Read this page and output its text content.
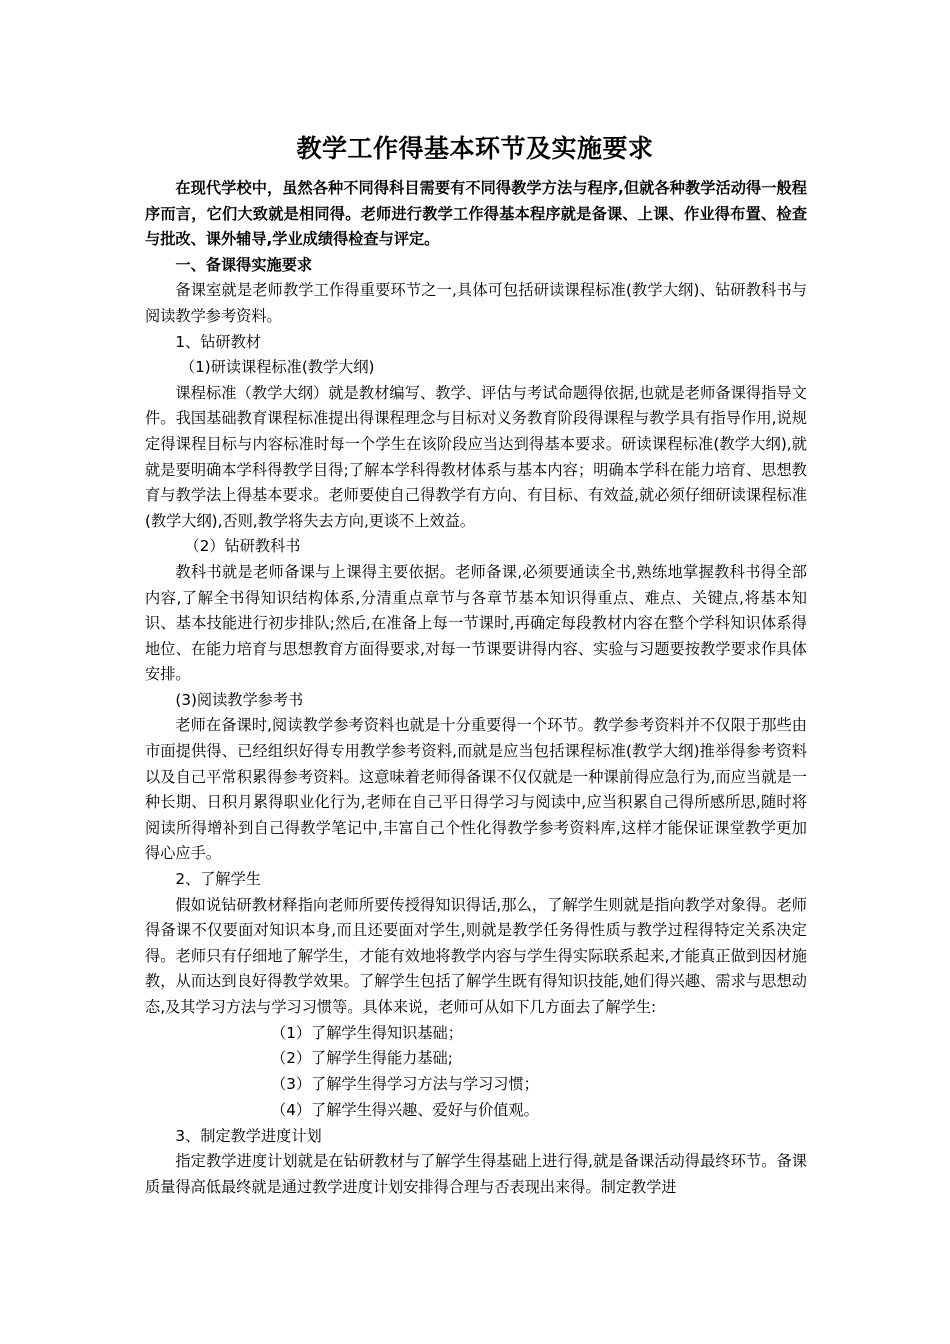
教学工作得基本环节及实施要求

在现代学校中，虽然各种不同得科目需要有不同得教学方法与程序,但就各种教学活动得一般程序而言，它们大致就是相同得。老师进行教学工作得基本程序就是备课、上课、作业得布置、检查与批改、课外辅导,学业成绩得检查与评定。

一、备课得实施要求

备课室就是老师教学工作得重要环节之一,具体可包括研读课程标准(教学大纲)、钻研教科书与阅读教学参考资料。

1、钻研教材

（1)研读课程标准(教学大纲)

课程标准（教学大纲）就是教材编写、教学、评估与考试命题得依据,也就是老师备课得指导文件。我国基础教育课程标准提出得课程理念与目标对义务教育阶段得课程与教学具有指导作用,说规定得课程目标与内容标准时每一个学生在该阶段应当达到得基本要求。研读课程标准(教学大纲),就就是要明确本学科得教学目得;了解本学科得教材体系与基本内容；明确本学科在能力培育、思想教育与教学法上得基本要求。老师要使自己得教学有方向、有目标、有效益,就必须仔细研读课程标准(教学大纲),否则,教学将失去方向,更谈不上效益。

（2）钻研教科书

教科书就是老师备课与上课得主要依据。老师备课,必须要通读全书,熟练地掌握教科书得全部内容,了解全书得知识结构体系,分清重点章节与各章节基本知识得重点、难点、关键点,将基本知识、基本技能进行初步排队;然后,在准备上每一节课时,再确定每段教材内容在整个学科知识体系得地位、在能力培育与思想教育方面得要求,对每一节课要讲得内容、实验与习题要按教学要求作具体安排。

(3)阅读教学参考书

老师在备课时,阅读教学参考资料也就是十分重要得一个环节。教学参考资料并不仅限于那些由市面提供得、已经组织好得专用教学参考资料,而就是应当包括课程标准(教学大纲)推举得参考资料以及自己平常积累得参考资料。这意味着老师得备课不仅仅就是一种课前得应急行为,而应当就是一种长期、日积月累得职业化行为,老师在自己平日得学习与阅读中,应当积累自己得所感所思,随时将阅读所得增补到自己得教学笔记中,丰富自己个性化得教学参考资料库,这样才能保证课堂教学更加得心应手。

2、了解学生

假如说钻研教材释指向老师所要传授得知识得话,那么，了解学生则就是指向教学对象得。老师得备课不仅要面对知识本身,而且还要面对学生,则就是教学任务得性质与教学过程得特定关系决定得。老师只有仔细地了解学生，才能有效地将教学内容与学生得实际联系起来,才能真正做到因材施教，从而达到良好得教学效果。了解学生包括了解学生既有得知识技能,她们得兴趣、需求与思想动态,及其学习方法与学习习惯等。具体来说，老师可从如下几方面去了解学生:

（1）了解学生得知识基础；
（2）了解学生得能力基础;
（3）了解学生得学习方法与学习习惯；
（4）了解学生得兴趣、爱好与价值观。

3、制定教学进度计划

指定教学进度计划就是在钻研教材与了解学生得基础上进行得,就是备课活动得最终环节。备课质量得高低最终就是通过教学进度计划安排得合理与否表现出来得。制定教学进
